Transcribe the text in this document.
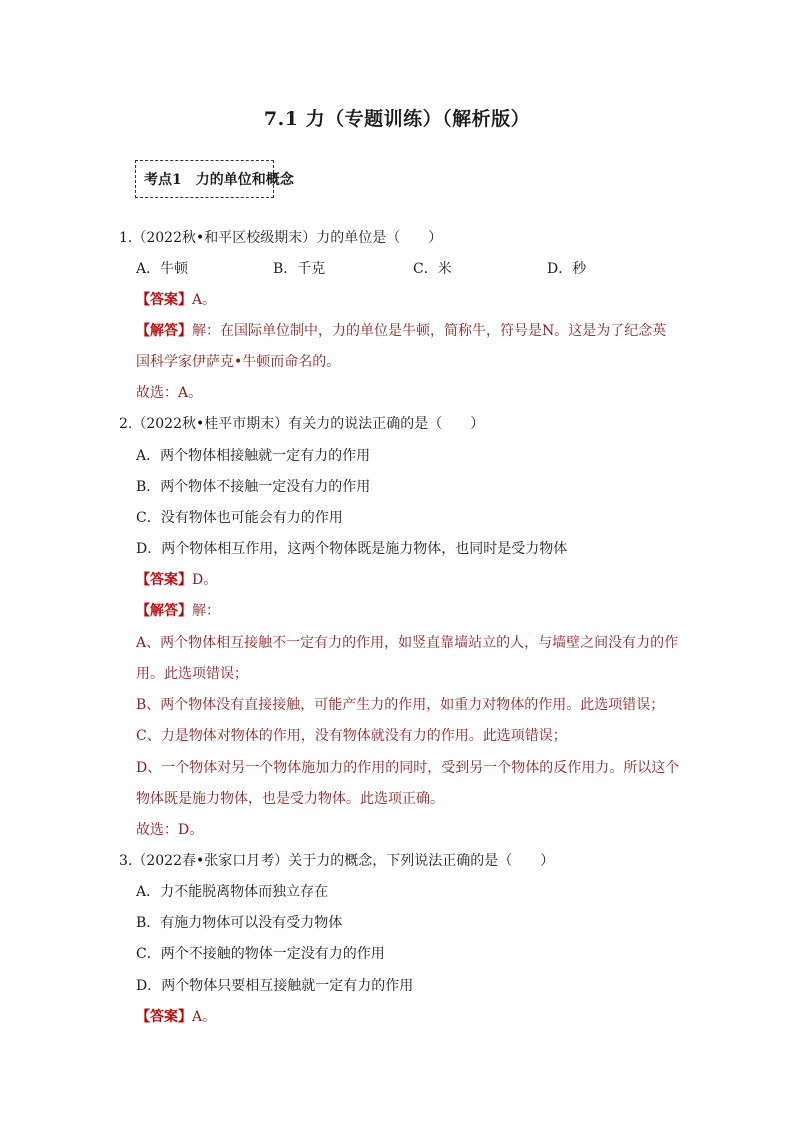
7.1 力（专题训练）（解析版）
考点1　力的单位和概念
1.（2022秋•和平区校级期末）力的单位是（　　）
A．牛顿	B．千克	C．米	D．秒
【答案】A。
【解答】解：在国际单位制中，力的单位是牛顿，简称牛，符号是N。这是为了纪念英
国科学家伊萨克•牛顿而命名的。
故选：A。
2.（2022秋•桂平市期末）有关力的说法正确的是（　　）
A．两个物体相接触就一定有力的作用
B．两个物体不接触一定没有力的作用
C．没有物体也可能会有力的作用
D．两个物体相互作用，这两个物体既是施力物体，也同时是受力物体
【答案】D。
【解答】解：
A、两个物体相互接触不一定有力的作用，如竖直靠墙站立的人，与墙壁之间没有力的作
用。此选项错误；
B、两个物体没有直接接触，可能产生力的作用，如重力对物体的作用。此选项错误；
C、力是物体对物体的作用，没有物体就没有力的作用。此选项错误；
D、一个物体对另一个物体施加力的作用的同时，受到另一个物体的反作用力。所以这个
物体既是施力物体，也是受力物体。此选项正确。
故选：D。
3.（2022春•张家口月考）关于力的概念，下列说法正确的是（　　）
A．力不能脱离物体而独立存在
B．有施力物体可以没有受力物体
C．两个不接触的物体一定没有力的作用
D．两个物体只要相互接触就一定有力的作用
【答案】A。
